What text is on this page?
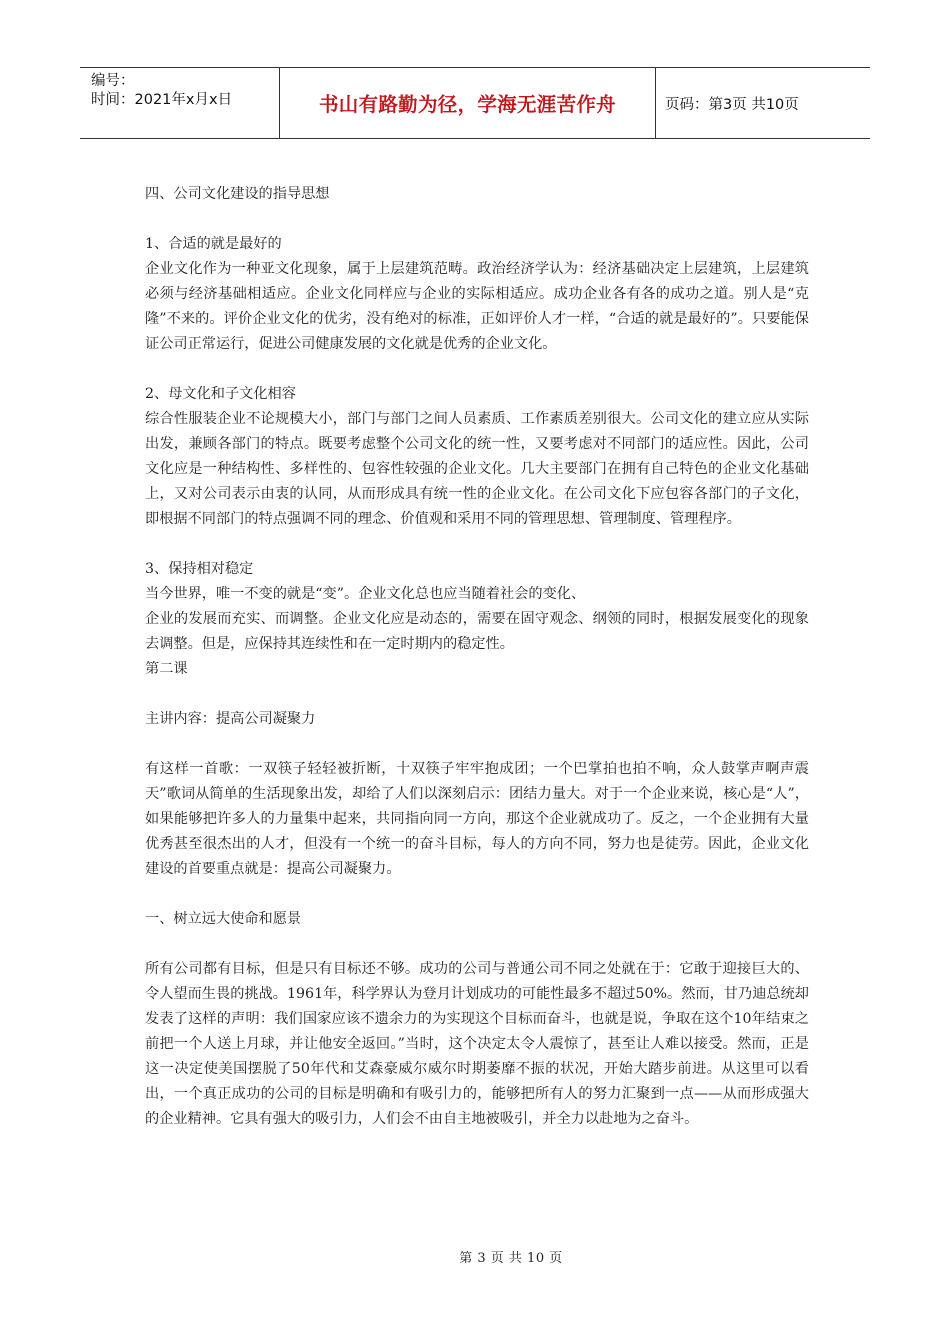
编号：
时间：2021年x月x日	书山有路勤为径，学海无涯苦作舟	页码：第3页 共10页

四、公司文化建设的指导思想

1、合适的就是最好的

企业文化作为一种亚文化现象，属于上层建筑范畴。政治经济学认为：经济基础决定上层建筑，上层建筑必须与经济基础相适应。企业文化同样应与企业的实际相适应。成功企业各有各的成功之道。别人是“克隆”不来的。评价企业文化的优劣，没有绝对的标准，正如评价人才一样，“合适的就是最好的”。只要能保证公司正常运行，促进公司健康发展的文化就是优秀的企业文化。

2、母文化和子文化相容

综合性服装企业不论规模大小，部门与部门之间人员素质、工作素质差别很大。公司文化的建立应从实际出发，兼顾各部门的特点。既要考虑整个公司文化的统一性，又要考虑对不同部门的适应性。因此，公司文化应是一种结构性、多样性的、包容性较强的企业文化。几大主要部门在拥有自己特色的企业文化基础上，又对公司表示由衷的认同，从而形成具有统一性的企业文化。在公司文化下应包容各部门的子文化，即根据不同部门的特点强调不同的理念、价值观和采用不同的管理思想、管理制度、管理程序。

3、保持相对稳定

当今世界，唯一不变的就是“变”。企业文化总也应当随着社会的变化、

企业的发展而充实、而调整。企业文化应是动态的，需要在固守观念、纲领的同时，根据发展变化的现象去调整。但是，应保持其连续性和在一定时期内的稳定性。

第二课

主讲内容：提高公司凝聚力

有这样一首歌：一双筷子轻轻被折断，十双筷子牢牢抱成团；一个巴掌拍也拍不响，众人鼓掌声啊声震天”歌词从简单的生活现象出发，却给了人们以深刻启示：团结力量大。对于一个企业来说，核心是“人”，如果能够把许多人的力量集中起来，共同指向同一方向，那这个企业就成功了。反之，一个企业拥有大量优秀甚至很杰出的人才，但没有一个统一的奋斗目标，每人的方向不同，努力也是徒劳。因此，企业文化建设的首要重点就是：提高公司凝聚力。

一、树立远大使命和愿景

所有公司都有目标，但是只有目标还不够。成功的公司与普通公司不同之处就在于：它敢于迎接巨大的、令人望而生畏的挑战。1961年，科学界认为登月计划成功的可能性最多不超过50%。然而，甘乃迪总统却发表了这样的声明：我们国家应该不遗余力的为实现这个目标而奋斗，也就是说，争取在这个10年结束之前把一个人送上月球，并让他安全返回。”当时，这个决定太令人震惊了，甚至让人难以接受。然而，正是这一决定使美国摆脱了50年代和艾森豪威尔威尔时期萎靡不振的状况，开始大踏步前进。从这里可以看出，一个真正成功的公司的目标是明确和有吸引力的，能够把所有人的努力汇聚到一点——从而形成强大的企业精神。它具有强大的吸引力，人们会不由自主地被吸引，并全力以赴地为之奋斗。

第 3 页 共 10 页
